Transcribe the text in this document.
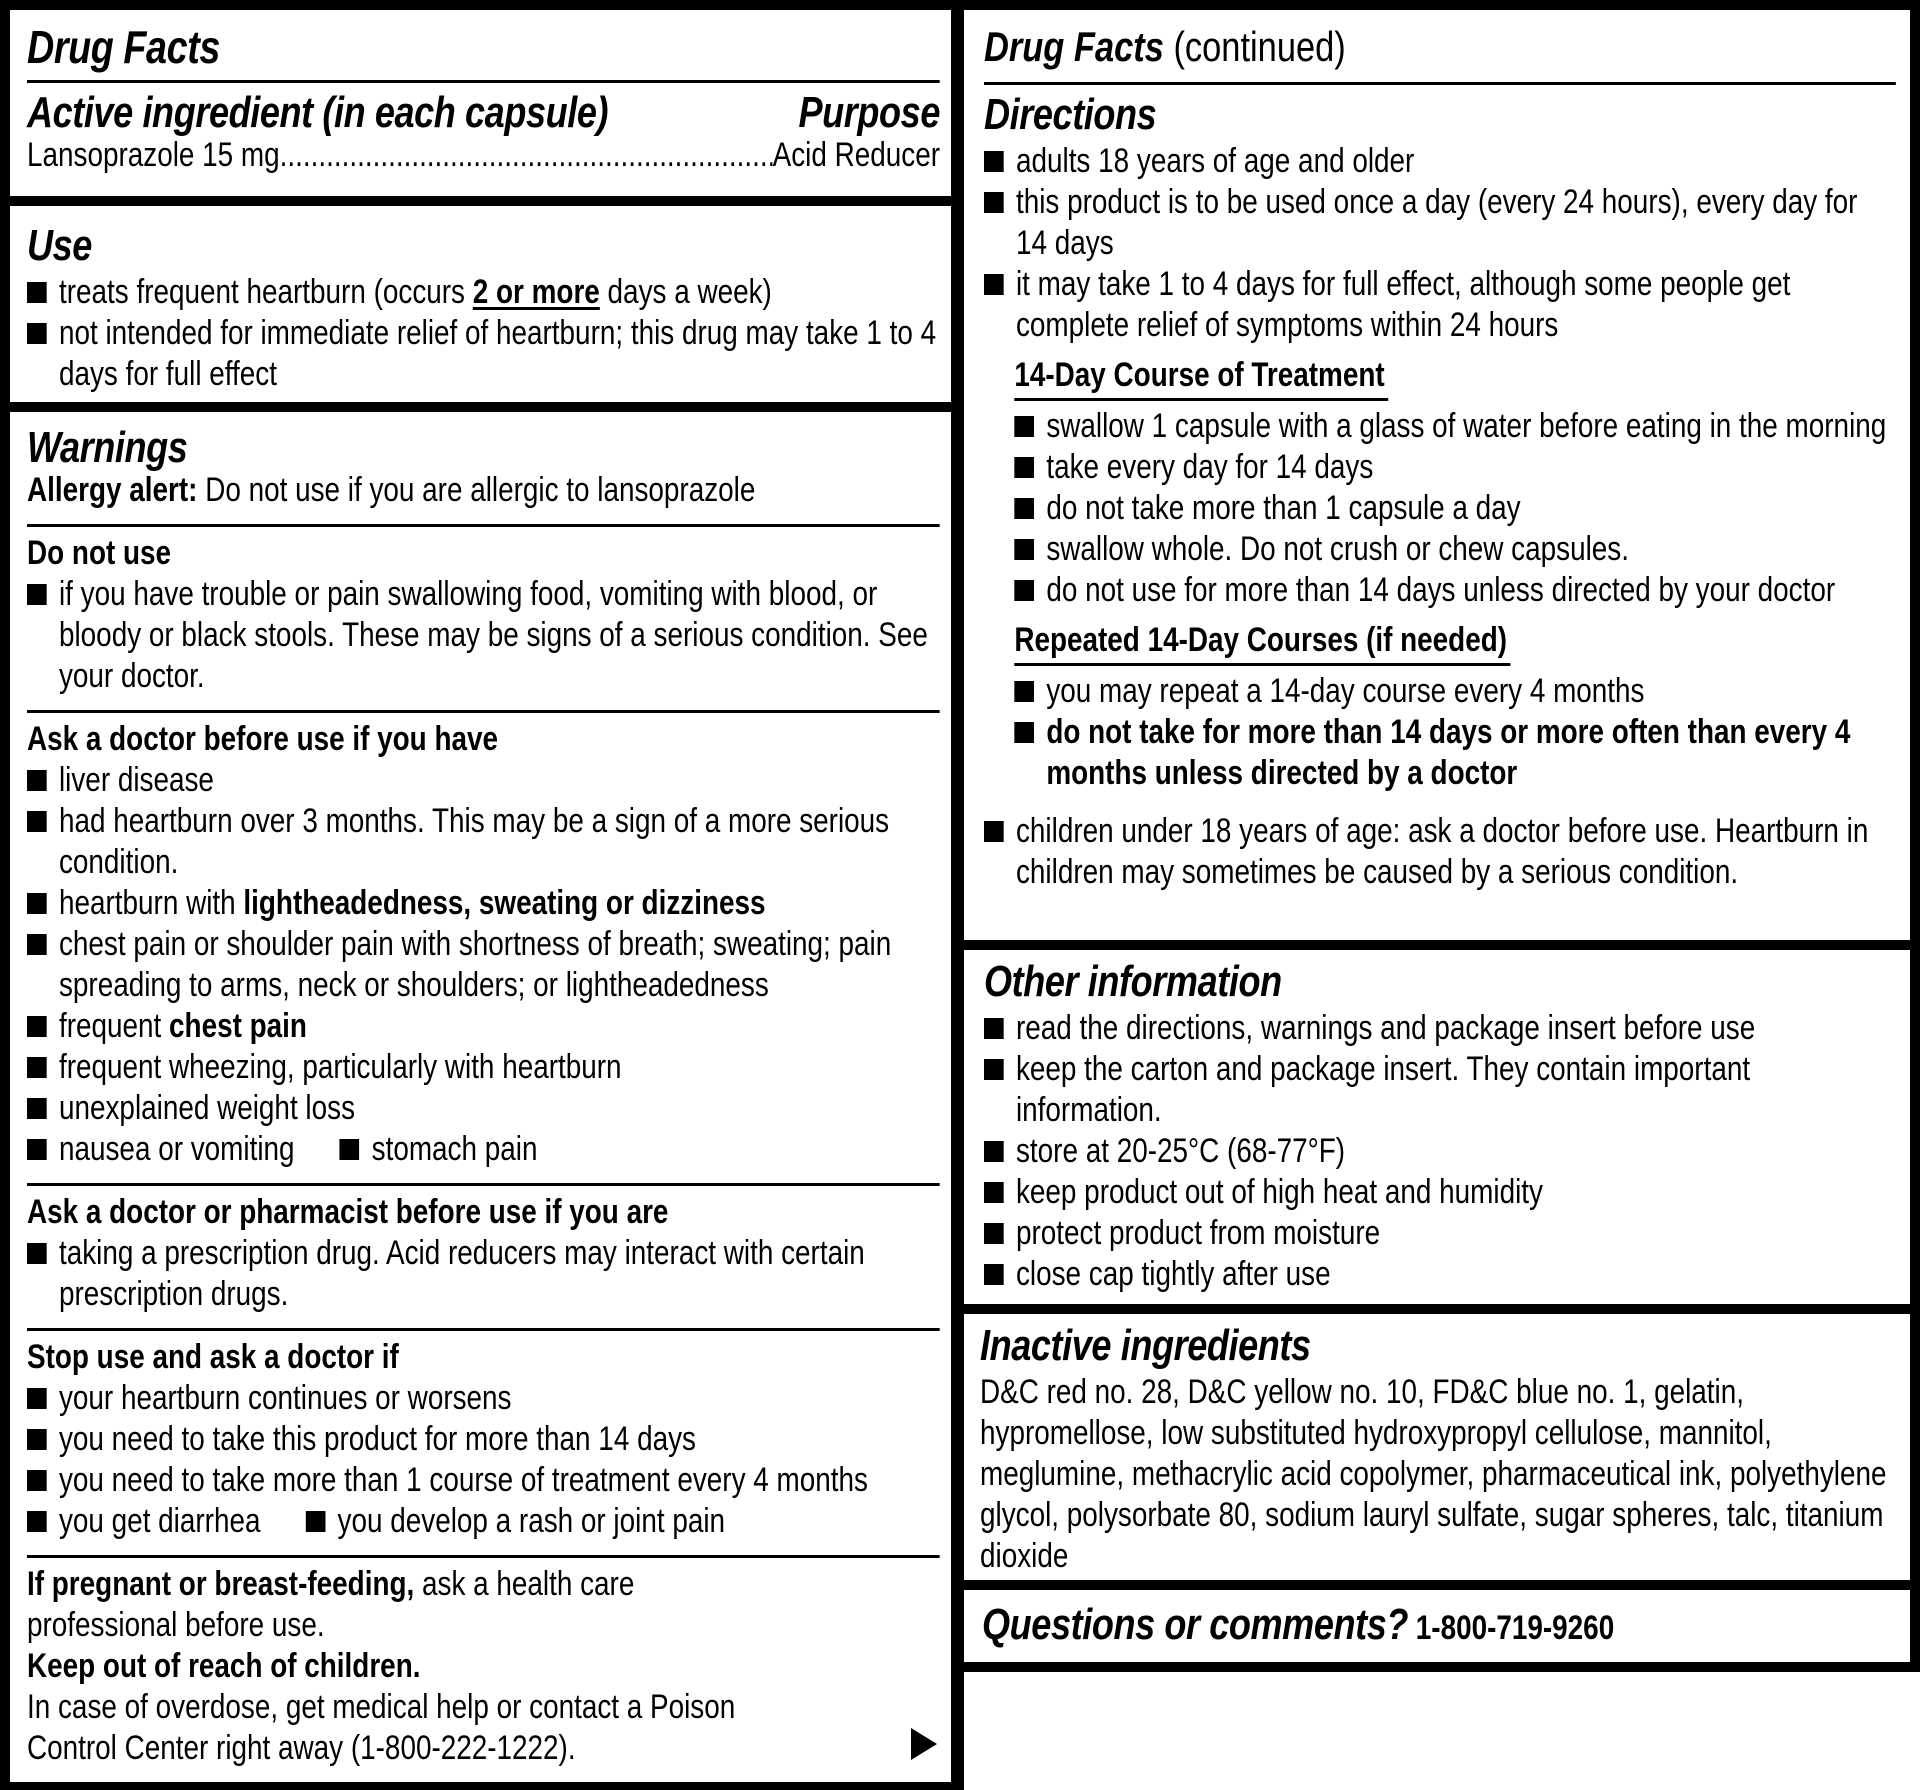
Drug Facts
Active ingredient (in each capsule)	Purpose
Lansoprazole 15 mg .....	Acid Reducer
Use
treats frequent heartburn (occurs 2 or more days a week)
not intended for immediate relief of heartburn; this drug may take 1 to 4 days for full effect
Warnings
Allergy alert: Do not use if you are allergic to lansoprazole
Do not use
if you have trouble or pain swallowing food, vomiting with blood, or bloody or black stools. These may be signs of a serious condition. See your doctor.
Ask a doctor before use if you have
liver disease
had heartburn over 3 months. This may be a sign of a more serious condition.
heartburn with lightheadedness, sweating or dizziness
chest pain or shoulder pain with shortness of breath; sweating; pain spreading to arms, neck or shoulders; or lightheadedness
frequent chest pain
frequent wheezing, particularly with heartburn
unexplained weight loss
nausea or vomiting	stomach pain
Ask a doctor or pharmacist before use if you are
taking a prescription drug. Acid reducers may interact with certain prescription drugs.
Stop use and ask a doctor if
your heartburn continues or worsens
you need to take this product for more than 14 days
you need to take more than 1 course of treatment every 4 months
you get diarrhea	you develop a rash or joint pain
If pregnant or breast-feeding, ask a health care professional before use.
Keep out of reach of children.
In case of overdose, get medical help or contact a Poison Control Center right away (1-800-222-1222).
Drug Facts (continued)
Directions
adults 18 years of age and older
this product is to be used once a day (every 24 hours), every day for 14 days
it may take 1 to 4 days for full effect, although some people get complete relief of symptoms within 24 hours
14-Day Course of Treatment
swallow 1 capsule with a glass of water before eating in the morning
take every day for 14 days
do not take more than 1 capsule a day
swallow whole. Do not crush or chew capsules.
do not use for more than 14 days unless directed by your doctor
Repeated 14-Day Courses (if needed)
you may repeat a 14-day course every 4 months
do not take for more than 14 days or more often than every 4 months unless directed by a doctor
children under 18 years of age: ask a doctor before use. Heartburn in children may sometimes be caused by a serious condition.
Other information
read the directions, warnings and package insert before use
keep the carton and package insert. They contain important information.
store at 20-25°C (68-77°F)
keep product out of high heat and humidity
protect product from moisture
close cap tightly after use
Inactive ingredients
D&C red no. 28, D&C yellow no. 10, FD&C blue no. 1, gelatin, hypromellose, low substituted hydroxypropyl cellulose, mannitol, meglumine, methacrylic acid copolymer, pharmaceutical ink, polyethylene glycol, polysorbate 80, sodium lauryl sulfate, sugar spheres, talc, titanium dioxide
Questions or comments? 1-800-719-9260
